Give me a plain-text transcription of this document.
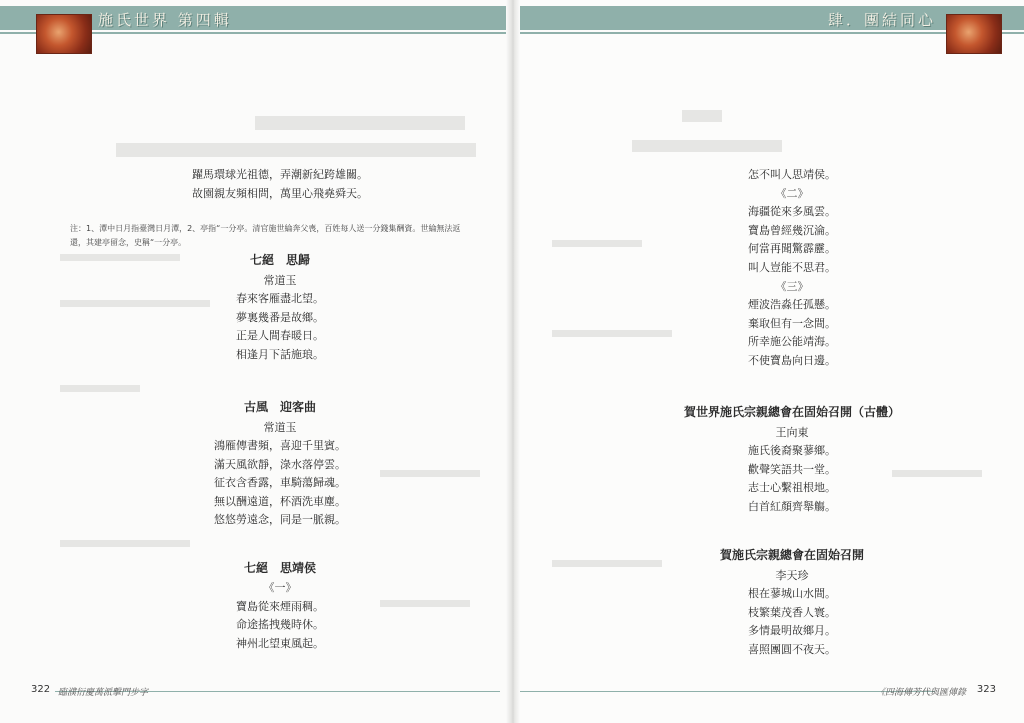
施氏世界 第四輯
躍馬環球光祖德，弄潮新紀跨雄關。
故園親友頻相問，萬里心飛堯舜天。
注：1、潭中日月指臺灣日月潭，2、亭指“一分亭。清官施世綸奔父喪，百姓每人送一分錢集酬資。世綸無法返還，其建亭留念，史稱“一分亭。
七絕　思歸
常道玉
春來客雁盡北望。
夢裏幾番是故鄉。
正是人間春暖日。
相逢月下話施琅。
古風　迎客曲
常道玉
鴻雁傳書頻，喜迎千里賓。
滿天風欲靜，淥水落停雲。
征衣含香露，車騎蕩歸魂。
無以酬遠道，杯酒洗車塵。
悠悠勞遠念，同是一脈親。
七絕　思靖侯
《一》
寶島從來煙雨稠。
命途搖拽幾時休。
神州北望東風起。
322 臨濮衍慶萬派擊門步字
肆．團結同心
怎不叫人思靖侯。
《二》
海疆從來多風雲。
寶島曾經幾沉淪。
何當再聞驚霹靂。
叫人豈能不思君。
《三》
煙波浩淼任孤懸。
棄取但有一念間。
所幸施公能靖海。
不使寶島向日邊。
賀世界施氏宗親總會在固始召開（古體）
王向東
施氏後裔聚蓼鄉。
歡聲笑語共一堂。
志士心繫祖根地。
白首紅顏齊舉觴。
賀施氏宗親總會在固始召開
李天珍
根在蓼城山水間。
枝繁葉茂香人寰。
多情最明故鄉月。
喜照團圓不夜天。
323
《四海傳芳代與匯傳錄
